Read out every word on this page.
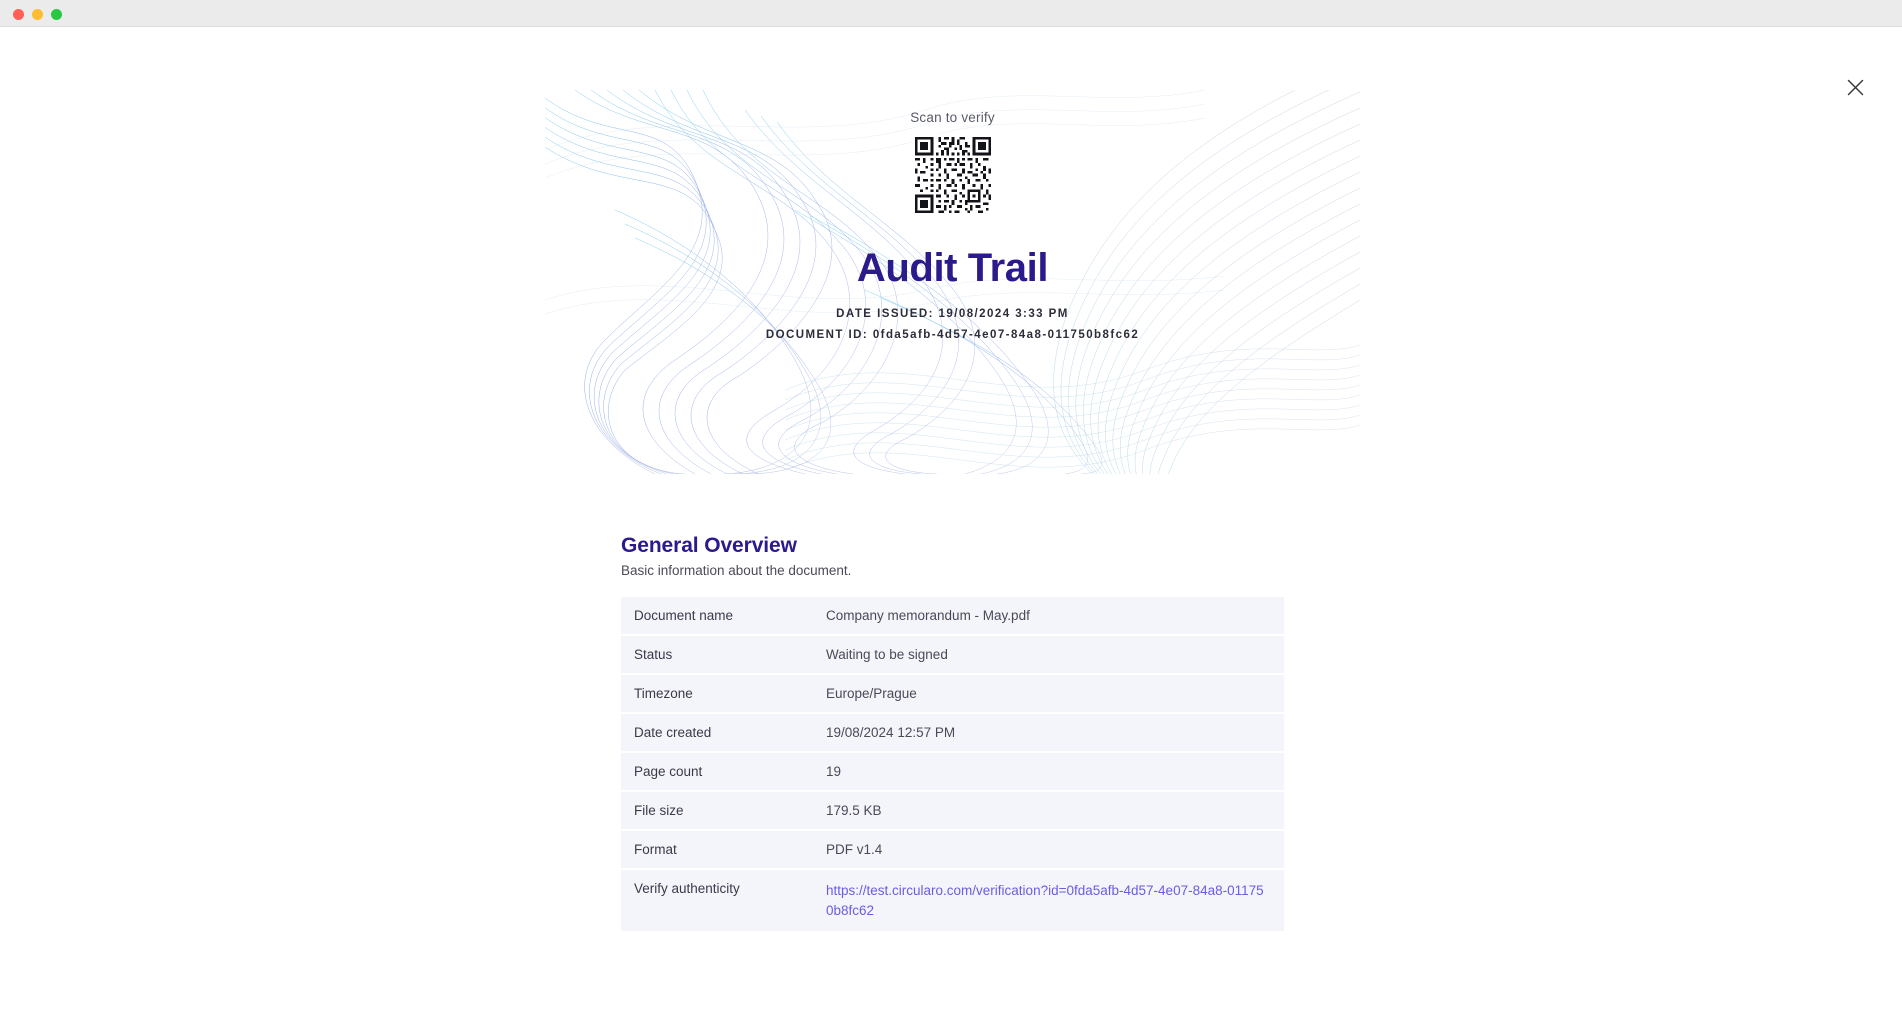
Scan to verify
Audit Trail
DATE ISSUED: 19/08/2024 3:33 PM
DOCUMENT ID: 0fda5afb-4d57-4e07-84a8-011750b8fc62
General Overview

Basic information about the document.

Document name	Company memorandum - May.pdf
Status	Waiting to be signed
Timezone	Europe/Prague
Date created	19/08/2024 12:57 PM
Page count	19
File size	179.5 KB
Format	PDF v1.4
Verify authenticity	https://test.circularo.com/verification?id=0fda5afb-4d57-4e07-84a8-011750b8fc62
